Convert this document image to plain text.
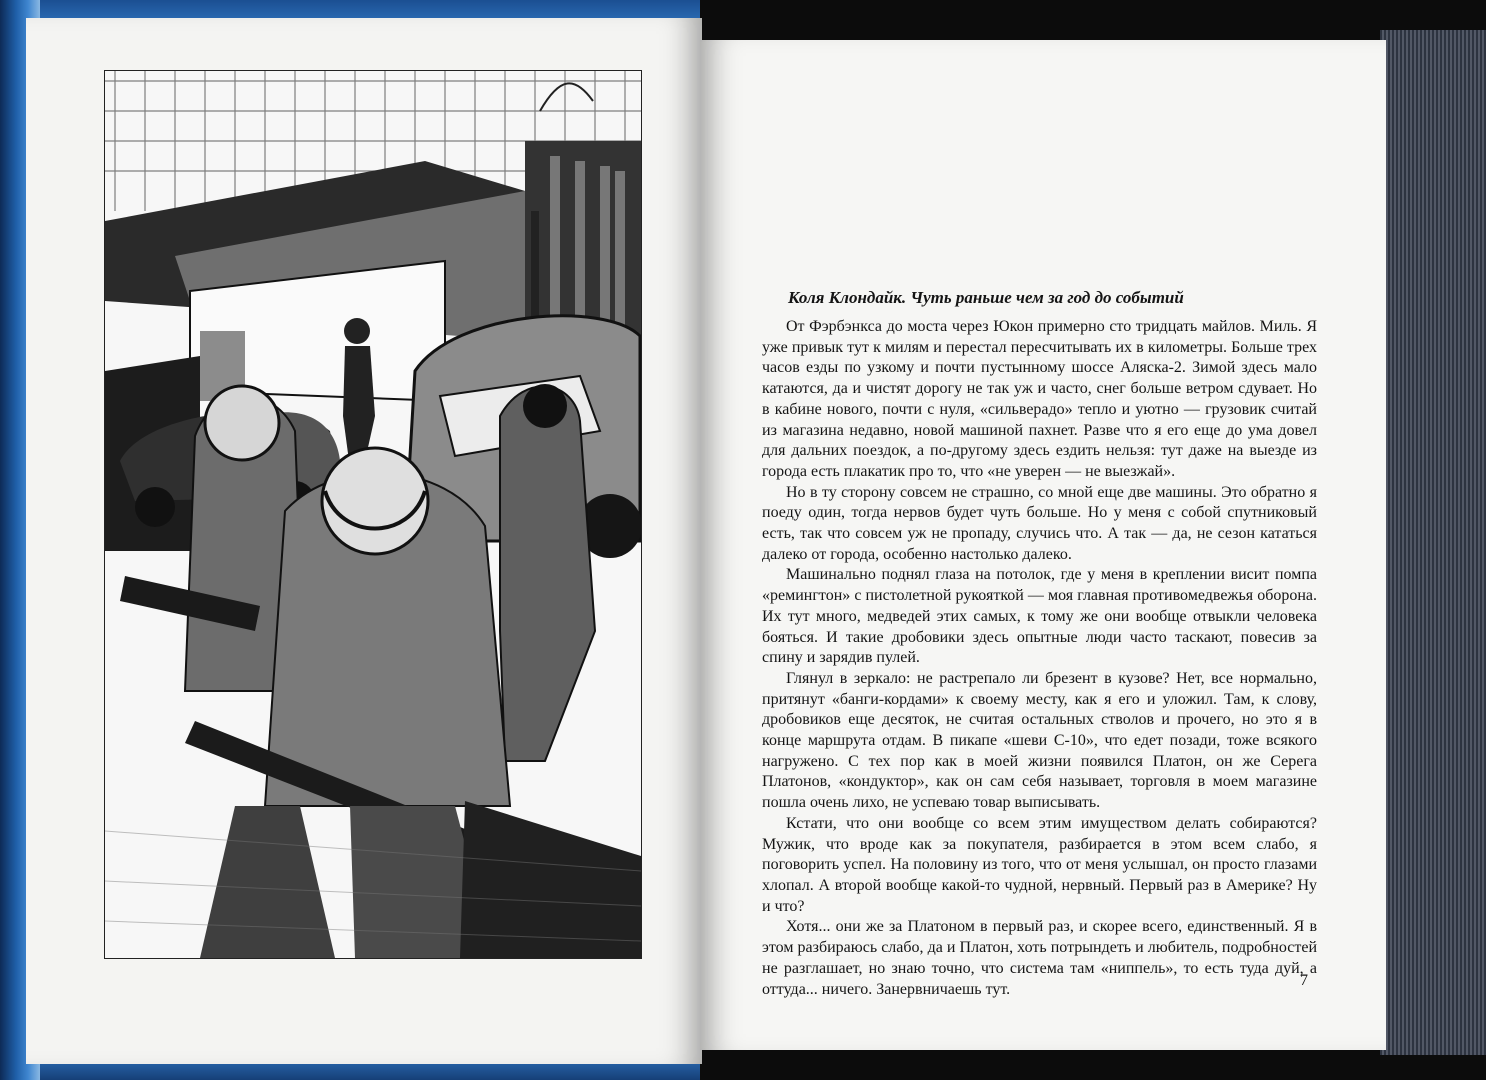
Коля Клондайк. Чуть раньше чем за год до событий

От Фэрбэнкса до моста через Юкон примерно сто тридцать майлов. Миль. Я уже привык тут к милям и перестал пересчитывать их в километры. Больше трех часов езды по узкому и почти пустынному шоссе Аляска-2. Зимой здесь мало катаются, да и чистят дорогу не так уж и часто, снег больше ветром сдувает. Но в кабине нового, почти с нуля, «сильверадо» тепло и уютно — грузовик считай из магазина недавно, новой машиной пахнет. Разве что я его еще до ума довел для дальних поездок, а по-другому здесь ездить нельзя: тут даже на выезде из города есть плакатик про то, что «не уверен — не выезжай».

Но в ту сторону совсем не страшно, со мной еще две машины. Это обратно я поеду один, тогда нервов будет чуть больше. Но у меня с собой спутниковый есть, так что совсем уж не пропаду, случись что. А так — да, не сезон кататься далеко от города, особенно настолько далеко.

Машинально поднял глаза на потолок, где у меня в креплении висит помпа «ремингтон» с пистолетной рукояткой — моя главная противомедвежья оборона. Их тут много, медведей этих самых, к тому же они вообще отвыкли человека бояться. И такие дробовики здесь опытные люди часто таскают, повесив за спину и зарядив пулей.

Глянул в зеркало: не растрепало ли брезент в кузове? Нет, все нормально, притянут «банги-кордами» к своему месту, как я его и уложил. Там, к слову, дробовиков еще десяток, не считая остальных стволов и прочего, но это я в конце маршрута отдам. В пикапе «шеви С-10», что едет позади, тоже всякого нагружено. С тех пор как в моей жизни появился Платон, он же Серега Платонов, «кондуктор», как он сам себя называет, торговля в моем магазине пошла очень лихо, не успеваю товар выписывать.

Кстати, что они вообще со всем этим имуществом делать собираются? Мужик, что вроде как за покупателя, разбирается в этом всем слабо, я поговорить успел. На половину из того, что от меня услышал, он просто глазами хлопал. А второй вообще какой-то чудной, нервный. Первый раз в Америке? Ну и что?

Хотя... они же за Платоном в первый раз, и скорее всего, единственный. Я в этом разбираюсь слабо, да и Платон, хоть потрындеть и любитель, подробностей не разглашает, но знаю точно, что система там «ниппель», то есть туда дуй, а оттуда... ничего. Занервничаешь тут.	7
